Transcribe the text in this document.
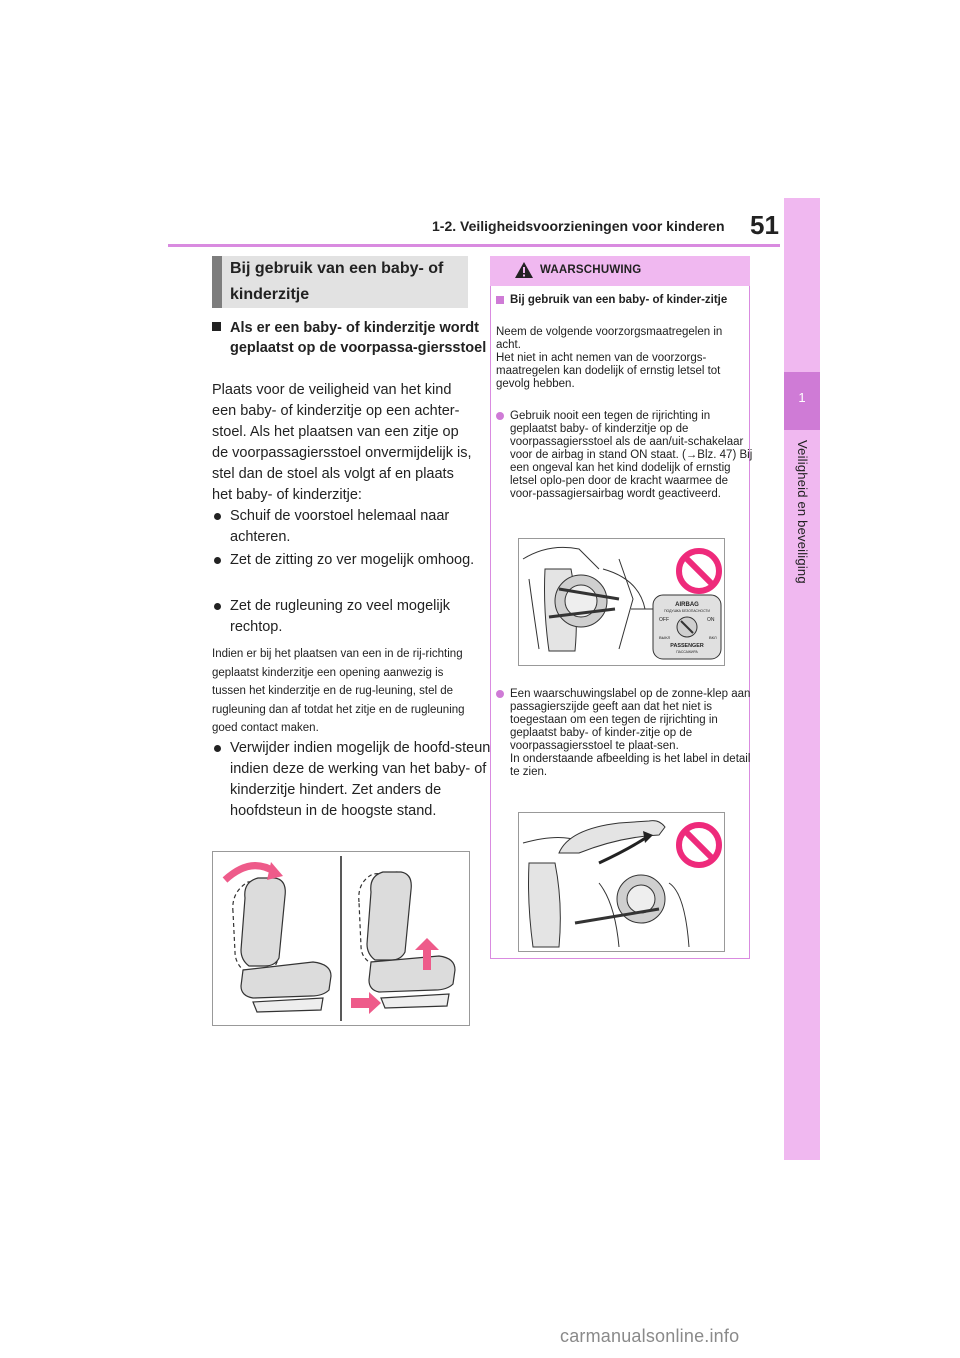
1-2. Veiligheidsvoorzieningen voor kinderen 51
1
Veiligheid en beveiliging
Bij gebruik van een baby- of
kinderzitje
Als er een baby- of kinderzitje wordt geplaatst op de voorpassa-giersstoel
Plaats voor de veiligheid van het kind een baby- of kinderzitje op een achter-stoel. Als het plaatsen van een zitje op de voorpassagiersstoel onvermijdelijk is, stel dan de stoel als volgt af en plaats het baby- of kinderzitje:
Schuif de voorstoel helemaal naar achteren.
Zet de zitting zo ver mogelijk omhoog.
Zet de rugleuning zo veel mogelijk rechtop.
Indien er bij het plaatsen van een in de rij-richting geplaatst kinderzitje een opening aanwezig is tussen het kinderzitje en de rug-leuning, stel de rugleuning dan af totdat het zitje en de rugleuning goed contact maken.
Verwijder indien mogelijk de hoofd-steun indien deze de werking van het baby- of kinderzitje hindert. Zet anders de hoofdsteun in de hoogste stand.
WAARSCHUWING
Bij gebruik van een baby- of kinder-zitje
Neem de volgende voorzorgsmaatregelen in acht.
Het niet in acht nemen van de voorzorgs-maatregelen kan dodelijk of ernstig letsel tot gevolg hebben.
Gebruik nooit een tegen de rijrichting in geplaatst baby- of kinderzitje op de voorpassagiersstoel als de aan/uit-schakelaar voor de airbag in stand ON staat. (→Blz. 47) Bij een ongeval kan het kind dodelijk of ernstig letsel oplo-pen door de kracht waarmee de voor-passagiersairbag wordt geactiveerd.
AIRBAG
ПОДУШКА БЕЗОПАСНОСТИ
OFF	ON
ВЫКЛ	ВКЛ
PASSENGER
ПАССАЖИРА
Een waarschuwingslabel op de zonne-klep aan passagierszijde geeft aan dat het niet is toegestaan om een tegen de rijrichting in geplaatst baby- of kinder-zitje op de voorpassagiersstoel te plaat-sen.
In onderstaande afbeelding is het label in detail te zien.
carmanualsonline.info
